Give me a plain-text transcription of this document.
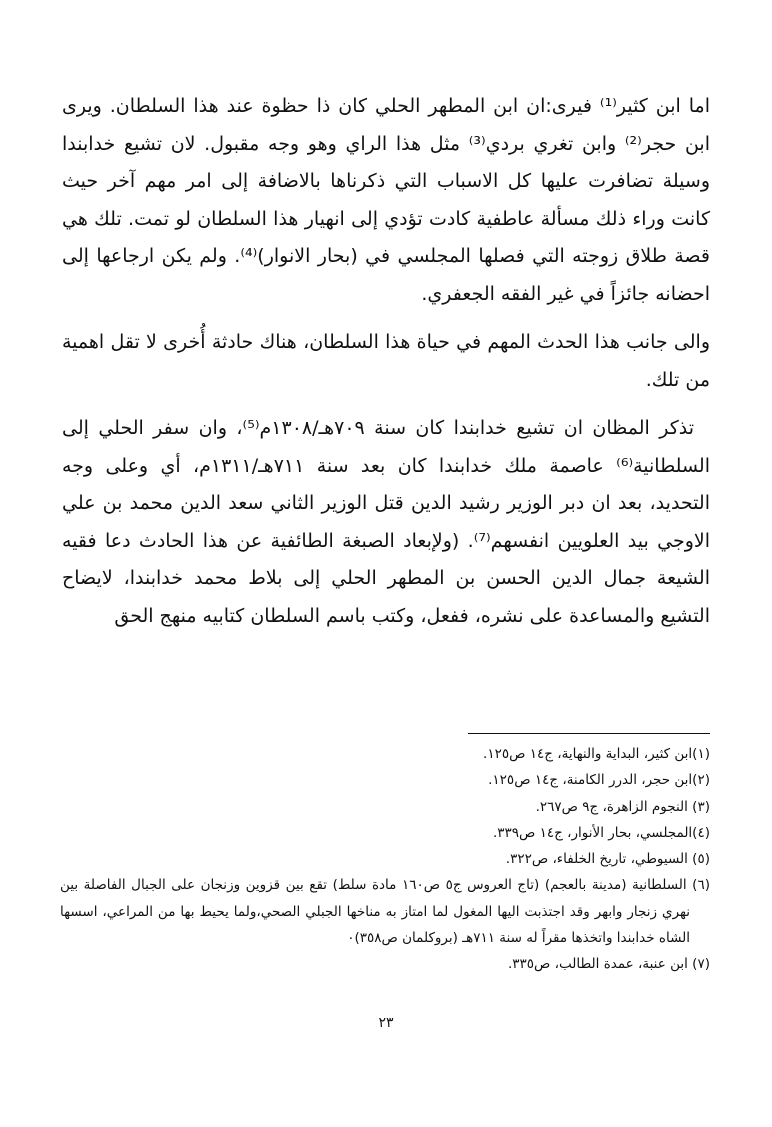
اما ابن كثير⁽¹⁾ فيرى:ان ابن المطهر الحلي كان ذا حظوة عند هذا السلطان. ويرى ابن حجر⁽²⁾ وابن تغري بردي⁽³⁾ مثل هذا الراي وهو وجه مقبول. لان تشيع خدابندا وسيلة تضافرت عليها كل الاسباب التي ذكرناها بالاضافة إلى امر مهم آخر حيث كانت وراء ذلك مسألة عاطفية كادت تؤدي إلى انهيار هذا السلطان لو تمت. تلك هي قصة طلاق زوجته التي فصلها المجلسي في (بحار الانوار)⁽⁴⁾. ولم يكن ارجاعها إلى احضانه جائزاً في غير الفقه الجعفري.

والى جانب هذا الحدث المهم في حياة هذا السلطان، هناك حادثة أُخرى لا تقل اهمية من تلك.

تذكر المظان ان تشيع خدابندا كان سنة ٧٠٩هـ/١٣٠٨م⁽⁵⁾، وان سفر الحلي إلى السلطانية⁽⁶⁾ عاصمة ملك خدابندا كان بعد سنة ٧١١هـ/١٣١١م، أي وعلى وجه التحديد، بعد ان دبر الوزير رشيد الدين قتل الوزير الثاني سعد الدين محمد بن علي الاوجي بيد العلويين انفسهم⁽⁷⁾. (ولإبعاد الصبغة الطائفية عن هذا الحادث دعا فقيه الشيعة جمال الدين الحسن بن المطهر الحلي إلى بلاط محمد خدابندا، لايضاح التشيع والمساعدة على نشره، ففعل، وكتب باسم السلطان كتابيه منهج الحق

(١)ابن كثير، البداية والنهاية، ج١٤ ص١٢٥.
(٢)ابن حجر، الدرر الكامنة، ج١٤ ص١٢٥.
(٣) النجوم الزاهرة، ج٩ ص٢٦٧.
(٤)المجلسي، بحار الأنوار، ج١٤ ص٣٣٩.
(٥) السيوطي، تاريخ الخلفاء، ص٣٢٢.
(٦) السلطانية (مدينة بالعجم) (تاج العروس ج٥ ص١٦٠ مادة سلط) تقع بين قزوين وزنجان على الجبال الفاصلة بين نهري زنجار وابهر وقد اجتذبت اليها المغول لما امتاز به مناخها الجبلي الصحي،ولما يحيط بها من المراعي، اسسها الشاه خدابندا واتخذها مقراً له سنة ٧١١هـ (بروكلمان ص٣٥٨)٠
(٧) ابن عنبة، عمدة الطالب، ص٣٣٥.
٢٣
